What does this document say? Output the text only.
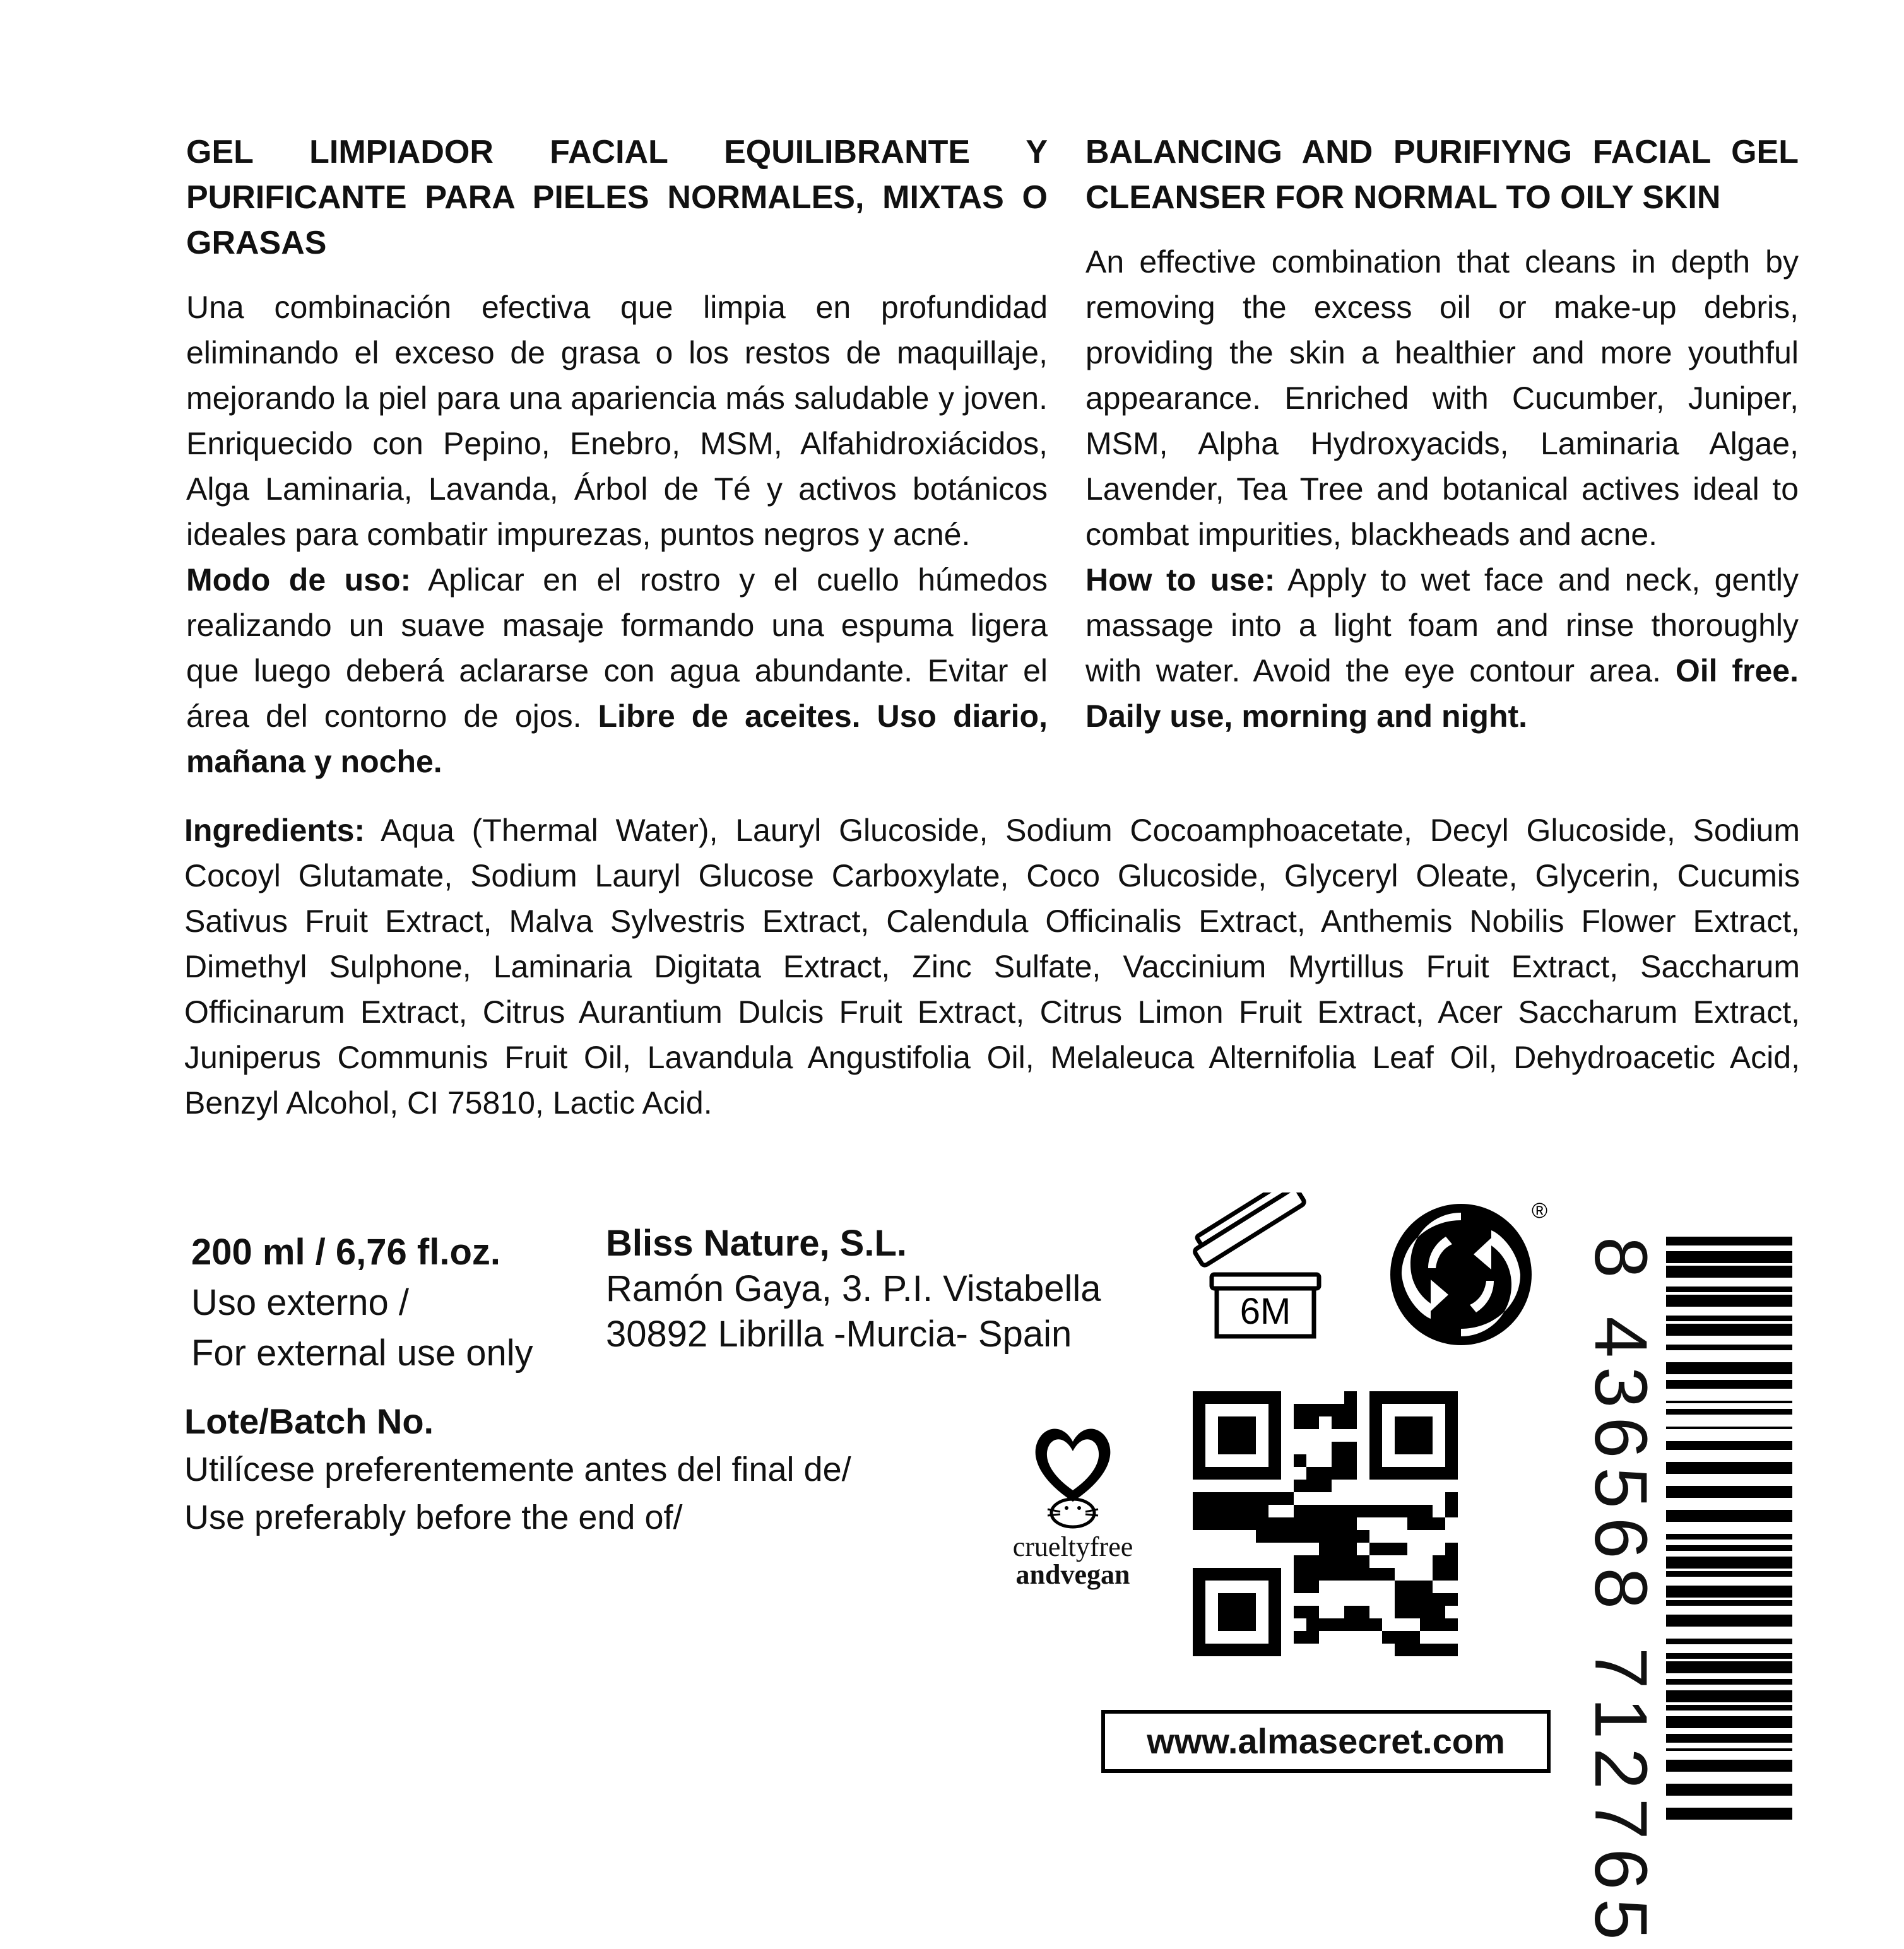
GEL LIMPIADOR FACIAL EQUILIBRANTE Y PURIFICANTE PARA PIELES NORMALES, MIXTAS O GRASAS

Una combinación efectiva que limpia en profundidad eliminando el exceso de grasa o los restos de maquillaje, mejorando la piel para una apariencia más saludable y joven. Enriquecido con Pepino, Enebro, MSM, Alfahidroxiácidos, Alga Laminaria, Lavanda, Árbol de Té y activos botánicos ideales para combatir impurezas, puntos negros y acné.

Modo de uso: Aplicar en el rostro y el cuello húmedos realizando un suave masaje formando una espuma ligera que luego deberá aclararse con agua abundante. Evitar el área del contorno de ojos. Libre de aceites. Uso diario, mañana y noche.

BALANCING AND PURIFIYNG FACIAL GEL CLEANSER FOR NORMAL TO OILY SKIN

An effective combination that cleans in depth by removing the excess oil or make-up debris, providing the skin a healthier and more youthful appearance. Enriched with Cucumber, Juniper, MSM, Alpha Hydroxyacids, Laminaria Algae, Lavender, Tea Tree and botanical actives ideal to combat impurities, blackheads and acne.

How to use: Apply to wet face and neck, gently massage into a light foam and rinse thoroughly with water. Avoid the eye contour area. Oil free. Daily use, morning and night.

Ingredients: Aqua (Thermal Water), Lauryl Glucoside, Sodium Cocoamphoacetate, Decyl Glucoside, Sodium Cocoyl Glutamate, Sodium Lauryl Glucose Carboxylate, Coco Glucoside, Glyceryl Oleate, Glycerin, Cucumis Sativus Fruit Extract, Malva Sylvestris Extract, Calendula Officinalis Extract, Anthemis Nobilis Flower Extract, Dimethyl Sulphone, Laminaria Digitata Extract, Zinc Sulfate, Vaccinium Myrtillus Fruit Extract, Saccharum Officinarum Extract, Citrus Aurantium Dulcis Fruit Extract, Citrus Limon Fruit Extract, Acer Saccharum Extract, Juniperus Communis Fruit Oil, Lavandula Angustifolia Oil, Melaleuca Alternifolia Leaf Oil, Dehydroacetic Acid, Benzyl Alcohol, CI 75810, Lactic Acid.
200 ml / 6,76 fl.oz.
Uso externo /
For external use only
Bliss Nature, S.L.
Ramón Gaya, 3. P.I. Vistabella
30892 Librilla -Murcia- Spain
Lote/Batch No.
Utilícese preferentemente antes del final de/
Use preferably before the end of/
6M
®
crueltyfree
andvegan
www.almasecret.com 8 436568 712765
